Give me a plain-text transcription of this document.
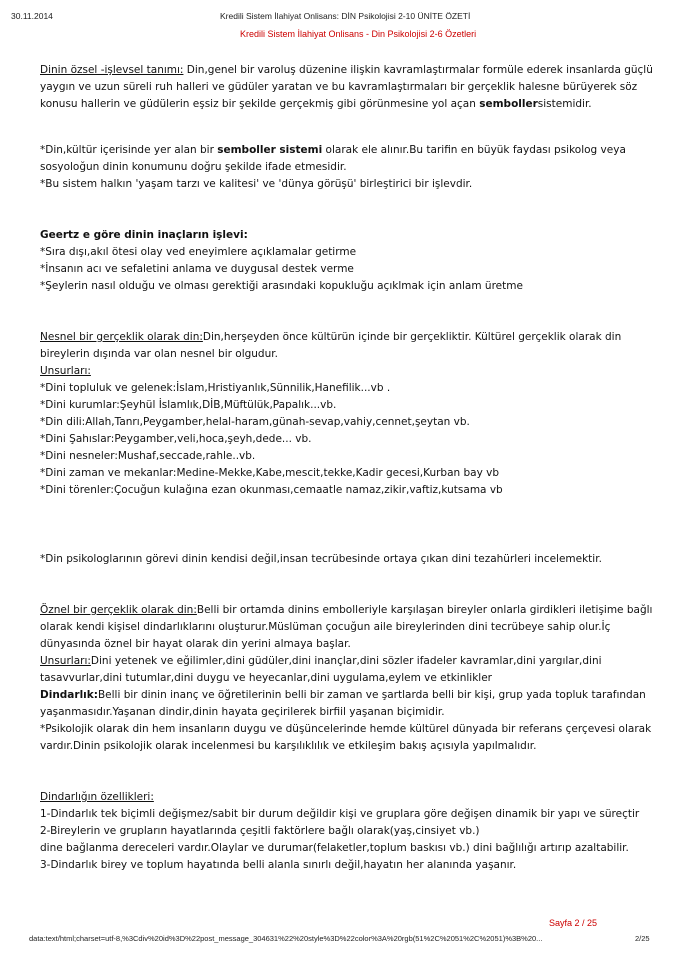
30.11.2014	Kredili Sistem İlahiyat Onlisans: DİN Psikolojisi 2-10 ÜNİTE ÖZETİ
Kredili Sistem İlahiyat Onlisans - Din Psikolojisi 2-6 Özetleri

Dinin özsel -işlevsel tanımı: Din,genel bir varoluş düzenine ilişkin kavramlaştırmalar formüle ederek insanlarda güçlü yaygın ve uzun süreli ruh halleri ve güdüler yaratan ve bu kavramlaştırmaları bir gerçeklik halesne bürüyerek söz konusu hallerin ve güdülerin eşsiz bir şekilde gerçekmiş gibi görünmesine yol açan sembollersistemidir.

*Din,kültür içerisinde yer alan bir semboller sistemi olarak ele alınır.Bu tarifin en büyük faydası psikolog veya sosyoloğun dinin konumunu doğru şekilde ifade etmesidir.

*Bu sistem halkın 'yaşam tarzı ve kalitesi' ve 'dünya görüşü' birleştirici bir işlevdir.

Geertz e göre dinin inaçların işlevi:

*Sıra dışı,akıl ötesi olay ved eneyimlere açıklamalar getirme

*İnsanın acı ve sefaletini anlama ve duygusal destek verme

*Şeylerin nasıl olduğu ve olması gerektiği arasındaki kopukluğu açıklmak için anlam üretme

Nesnel bir gerçeklik olarak din:Din,herşeyden önce kültürün içinde bir gerçekliktir. Kültürel gerçeklik olarak din bireylerin dışında var olan nesnel bir olgudur.

Unsurları:

*Dini topluluk ve gelenek:İslam,Hristiyanlık,Sünnilik,Hanefilik...vb .

*Dini kurumlar:Şeyhül İslamlık,DİB,Müftülük,Papalık...vb.

*Din dili:Allah,Tanrı,Peygamber,helal-haram,günah-sevap,vahiy,cennet,şeytan vb.

*Dini Şahıslar:Peygamber,veli,hoca,şeyh,dede... vb.

*Dini nesneler:Mushaf,seccade,rahle..vb.

*Dini zaman ve mekanlar:Medine-Mekke,Kabe,mescit,tekke,Kadir gecesi,Kurban bay vb

*Dini törenler:Çocuğun kulağına ezan okunması,cemaatle namaz,zikir,vaftiz,kutsama vb

*Din psikologlarının görevi dinin kendisi değil,insan tecrübesinde ortaya çıkan dini tezahürleri incelemektir.

Öznel bir gerçeklik olarak din:Belli bir ortamda dinins embolleriyle karşılaşan bireyler onlarla girdikleri iletişime bağlı olarak kendi kişisel dindarlıklarını oluşturur.Müslüman çocuğun aile bireylerinden dini tecrübeye sahip olur.İç dünyasında öznel bir hayat olarak din yerini almaya başlar.

Unsurları:Dini yetenek ve eğilimler,dini güdüler,dini inançlar,dini sözler ifadeler kavramlar,dini yargılar,dini tasavvurlar,dini tutumlar,dini duygu ve heyecanlar,dini uygulama,eylem ve etkinlikler

Dindarlık:Belli bir dinin inanç ve öğretilerinin belli bir zaman ve şartlarda belli bir kişi, grup yada topluk tarafından yaşanmasıdır.Yaşanan dindir,dinin hayata geçirilerek birfiil yaşanan biçimidir.

*Psikolojik olarak din hem insanların duygu ve düşüncelerinde hemde kültürel dünyada bir referans çerçevesi olarak vardır.Dinin psikolojik olarak incelenmesi bu karşılıklılık ve etkileşim bakış açısıyla yapılmalıdır.

Dindarlığın özellikleri:

1-Dindarlık tek biçimli değişmez/sabit bir durum değildir kişi ve gruplara göre değişen dinamik bir yapı ve süreçtir

2-Bireylerin ve grupların hayatlarında çeşitli faktörlere bağlı olarak(yaş,cinsiyet vb.)

dine bağlanma dereceleri vardır.Olaylar ve durumar(felaketler,toplum baskısı vb.) dini bağlılığı artırıp azaltabilir.

3-Dindarlık birey ve toplum hayatında belli alanla sınırlı değil,hayatın her alanında yaşanır.

Sayfa 2 / 25
data:text/html;charset=utf-8,%3Cdiv%20id%3D%22post_message_304631%22%20style%3D%22color%3A%20rgb(51%2C%2051%2C%2051)%3B%20...	2/25
